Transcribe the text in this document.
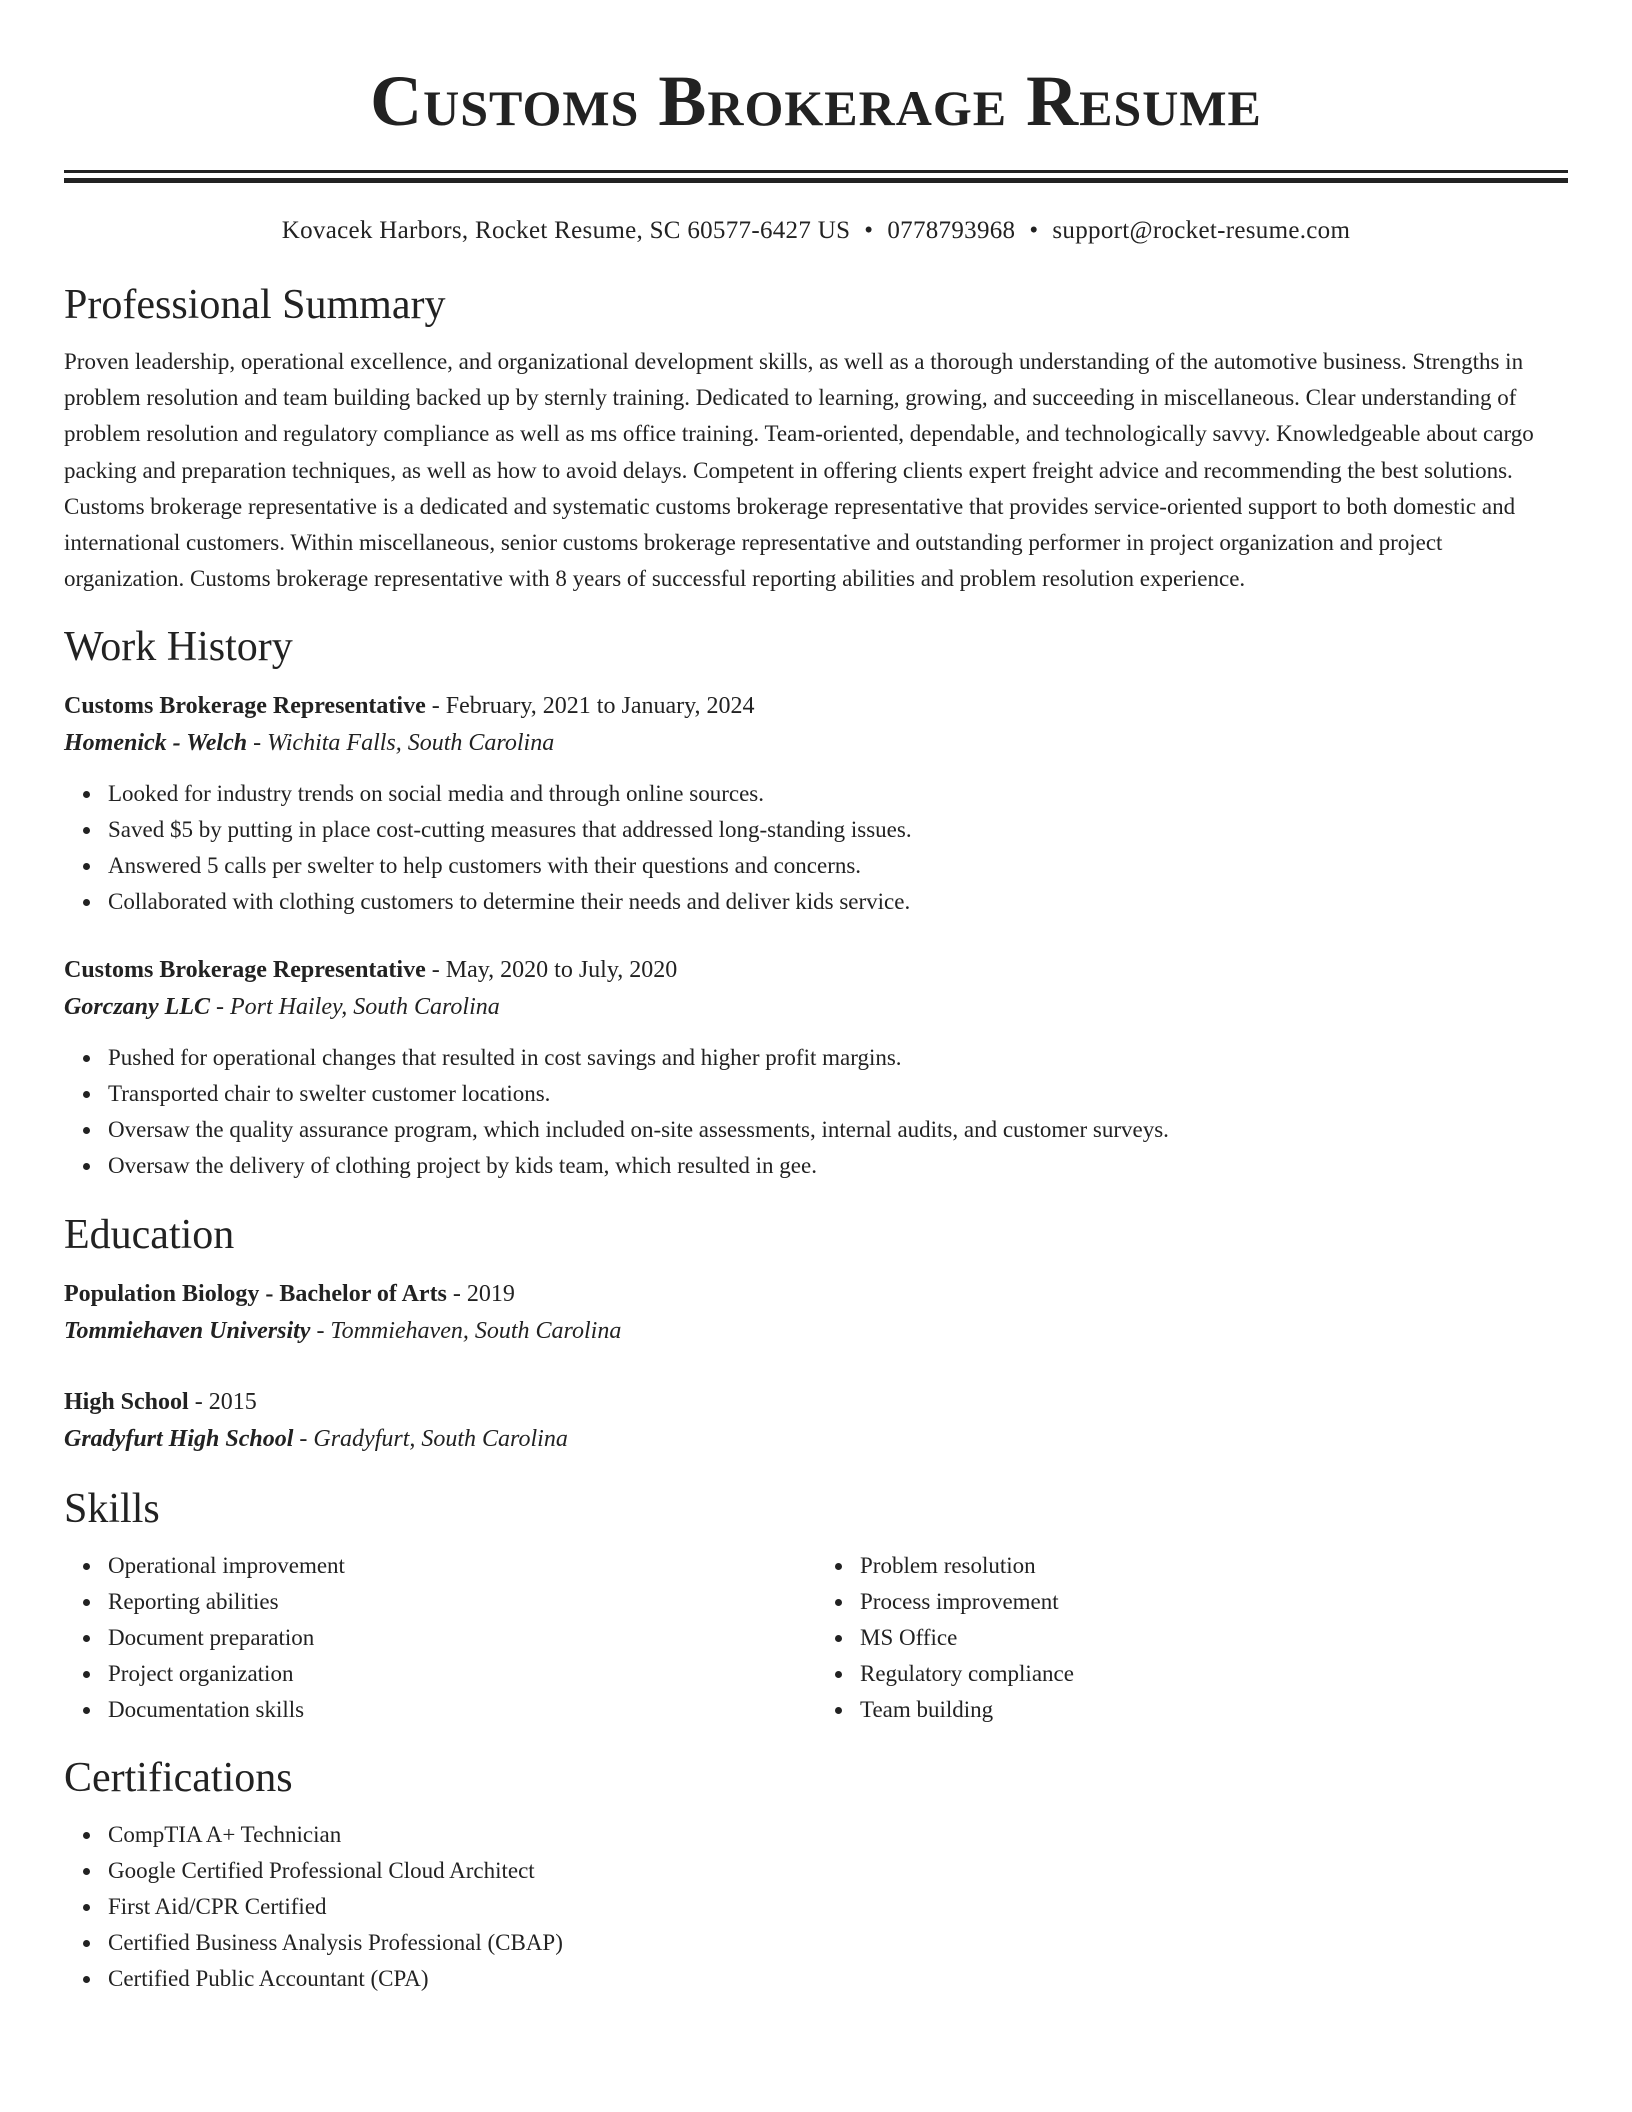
Customs Brokerage Resume
Kovacek Harbors, Rocket Resume, SC 60577-6427 US • 0778793968 • support@rocket-resume.com
Professional Summary

Proven leadership, operational excellence, and organizational development skills, as well as a thorough understanding of the automotive business. Strengths in problem resolution and team building backed up by sternly training. Dedicated to learning, growing, and succeeding in miscellaneous. Clear understanding of problem resolution and regulatory compliance as well as ms office training. Team-oriented, dependable, and technologically savvy. Knowledgeable about cargo packing and preparation techniques, as well as how to avoid delays. Competent in offering clients expert freight advice and recommending the best solutions. Customs brokerage representative is a dedicated and systematic customs brokerage representative that provides service-oriented support to both domestic and international customers. Within miscellaneous, senior customs brokerage representative and outstanding performer in project organization and project organization. Customs brokerage representative with 8 years of successful reporting abilities and problem resolution experience.

Work History

Customs Brokerage Representative - February, 2021 to January, 2024

Homenick - Welch - Wichita Falls, South Carolina

Looked for industry trends on social media and through online sources.
Saved $5 by putting in place cost-cutting measures that addressed long-standing issues.
Answered 5 calls per swelter to help customers with their questions and concerns.
Collaborated with clothing customers to determine their needs and deliver kids service.

Customs Brokerage Representative - May, 2020 to July, 2020

Gorczany LLC - Port Hailey, South Carolina

Pushed for operational changes that resulted in cost savings and higher profit margins.
Transported chair to swelter customer locations.
Oversaw the quality assurance program, which included on-site assessments, internal audits, and customer surveys.
Oversaw the delivery of clothing project by kids team, which resulted in gee.
Education

Population Biology - Bachelor of Arts - 2019

Tommiehaven University - Tommiehaven, South Carolina

High School - 2015

Gradyfurt High School - Gradyfurt, South Carolina

Skills
Operational improvement
Reporting abilities
Document preparation
Project organization
Documentation skills
Problem resolution
Process improvement
MS Office
Regulatory compliance
Team building
Certifications
CompTIA A+ Technician
Google Certified Professional Cloud Architect
First Aid/CPR Certified
Certified Business Analysis Professional (CBAP)
Certified Public Accountant (CPA)
